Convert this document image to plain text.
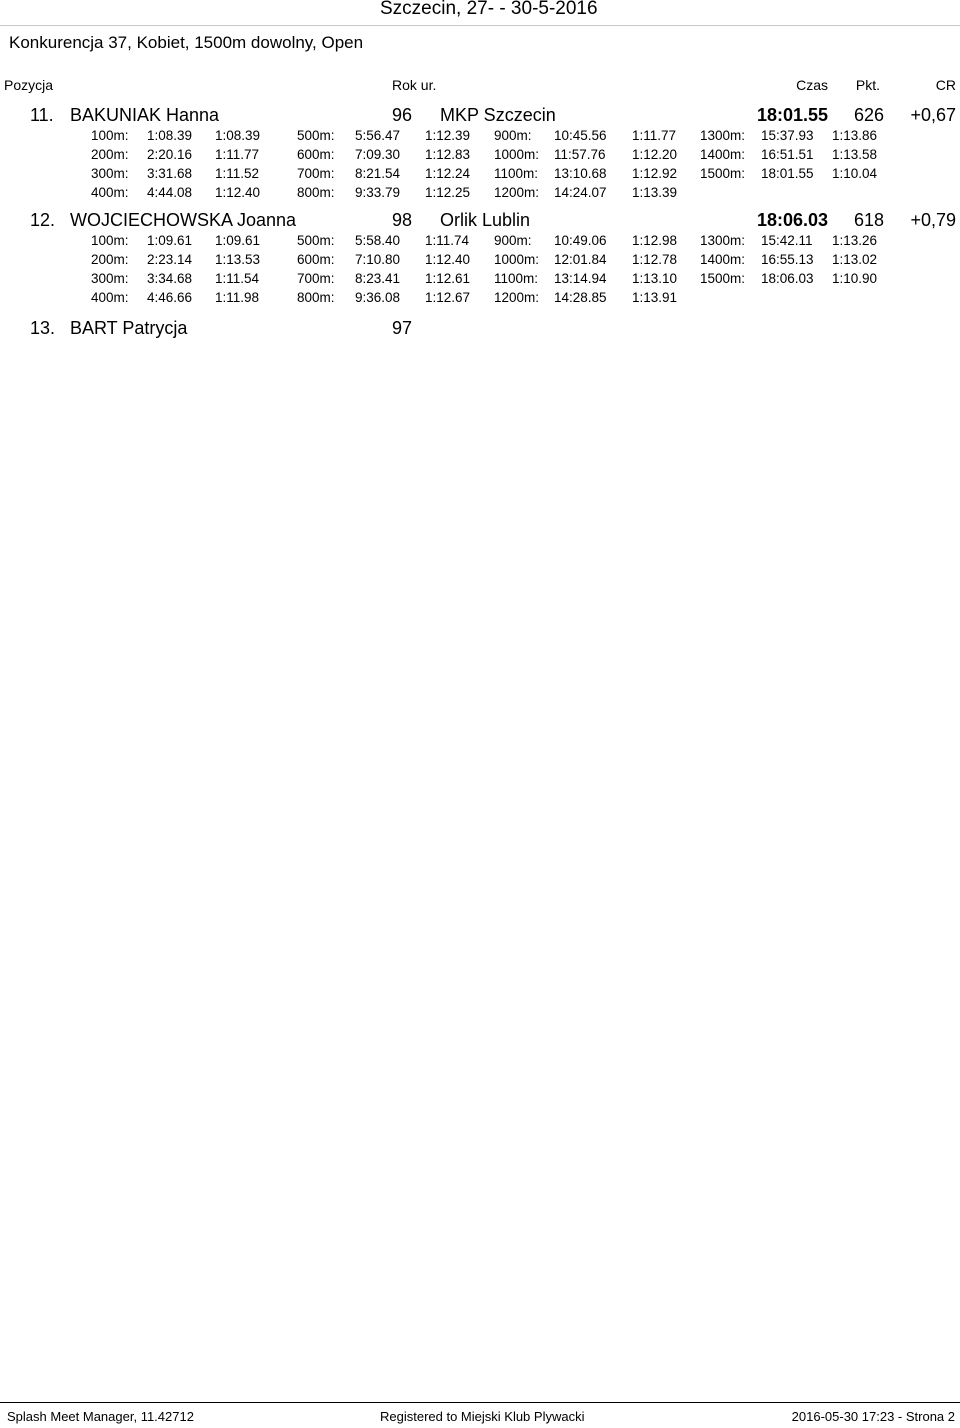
Szczecin, 27- - 30-5-2016
Konkurencja 37, Kobiet, 1500m dowolny, Open
Pozycja	Rok ur.	Czas	Pkt.	CR
11. BAKUNIAK Hanna	96 MKP Szczecin	18:01.55	626	+0,67
100m: 1:08.39 1:08.39	500m: 5:56.47 1:12.39 900m: 10:45.56 1:11.77 1300m: 15:37.93 1:13.86
200m: 2:20.16 1:11.77	600m: 7:09.30 1:12.83 1000m: 11:57.76 1:12.20 1400m: 16:51.51 1:13.58
300m: 3:31.68 1:11.52	700m: 8:21.54 1:12.24 1100m: 13:10.68 1:12.92 1500m: 18:01.55 1:10.04
400m: 4:44.08 1:12.40	800m: 9:33.79 1:12.25 1200m: 14:24.07 1:13.39
12. WOJCIECHOWSKA Joanna	98 Orlik Lublin	18:06.03	618	+0,79
100m: 1:09.61 1:09.61	500m: 5:58.40 1:11.74 900m: 10:49.06 1:12.98 1300m: 15:42.11 1:13.26
200m: 2:23.14 1:13.53	600m: 7:10.80 1:12.40 1000m: 12:01.84 1:12.78 1400m: 16:55.13 1:13.02
300m: 3:34.68 1:11.54	700m: 8:23.41 1:12.61 1100m: 13:14.94 1:13.10 1500m: 18:06.03 1:10.90
400m: 4:46.66 1:11.98	800m: 9:36.08 1:12.67 1200m: 14:28.85 1:13.91
13. BART Patrycja	97
Splash Meet Manager, 11.42712	Registered to Miejski Klub Plywacki	2016-05-30 17:23 - Strona 2
